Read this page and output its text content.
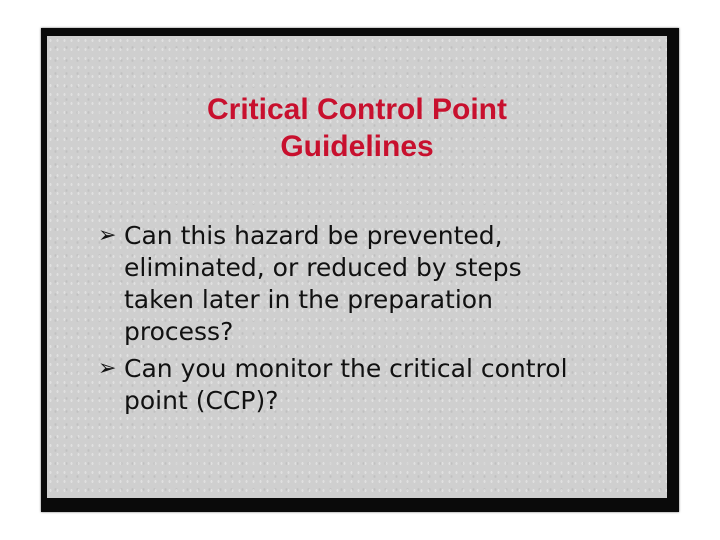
Critical Control Point
Guidelines
➢ Can this hazard be prevented,
eliminated, or reduced by steps
taken later in the preparation
process?
➢ Can you monitor the critical control
point (CCP)?
